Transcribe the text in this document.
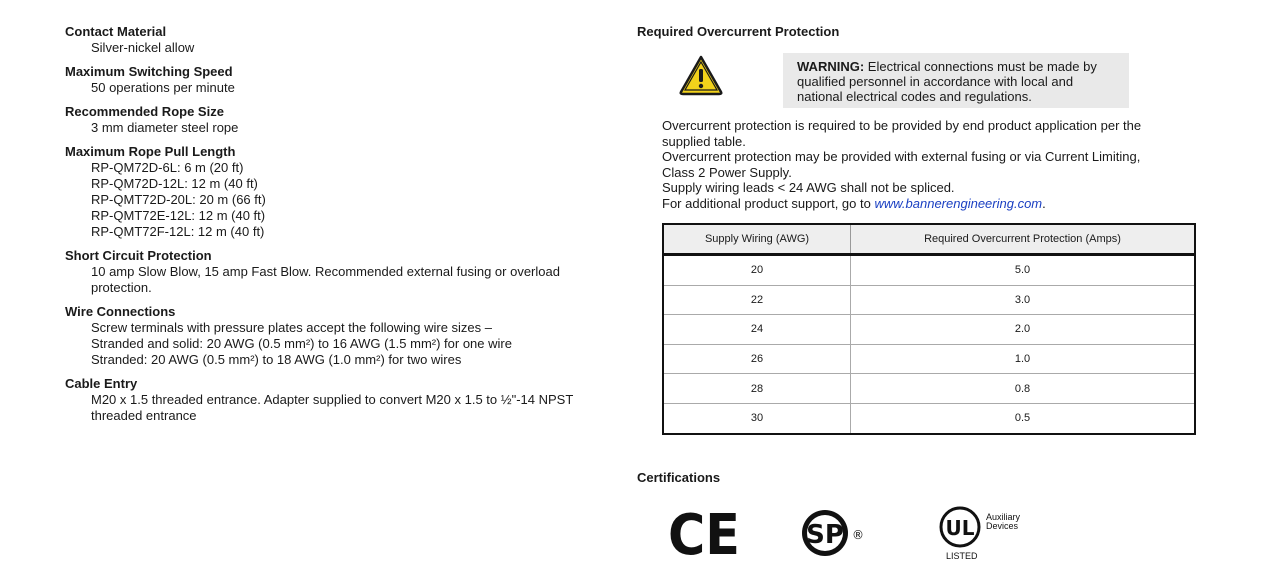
Contact Material

Silver-nickel allow

Maximum Switching Speed

50 operations per minute

Recommended Rope Size

3 mm diameter steel rope

Maximum Rope Pull Length

RP-QM72D-6L: 6 m (20 ft)

RP-QM72D-12L: 12 m (40 ft)

RP-QMT72D-20L: 20 m (66 ft)

RP-QMT72E-12L: 12 m (40 ft)

RP-QMT72F-12L: 12 m (40 ft)

Short Circuit Protection

10 amp Slow Blow, 15 amp Fast Blow. Recommended external fusing or overload

protection.

Wire Connections

Screw terminals with pressure plates accept the following wire sizes –

Stranded and solid: 20 AWG (0.5 mm²) to 16 AWG (1.5 mm²) for one wire

Stranded: 20 AWG (0.5 mm²) to 18 AWG (1.0 mm²) for two wires

Cable Entry

M20 x 1.5 threaded entrance. Adapter supplied to convert M20 x 1.5 to ½"-14 NPST

threaded entrance

Required Overcurrent Protection

WARNING: Electrical connections must be made by
qualified personnel in accordance with local and
national electrical codes and regulations.

Overcurrent protection is required to be provided by end product application per the

supplied table.

Overcurrent protection may be provided with external fusing or via Current Limiting,

Class 2 Power Supply.

Supply wiring leads < 24 AWG shall not be spliced.

For additional product support, go to www.bannerengineering.com.

Supply Wiring (AWG)	Required Overcurrent Protection (Amps)
20	5.0
22	3.0
24	2.0
26	1.0
28	0.8
30	0.5

Certifications

CE	SP ®	UL Auxiliary
Devices
LISTED
